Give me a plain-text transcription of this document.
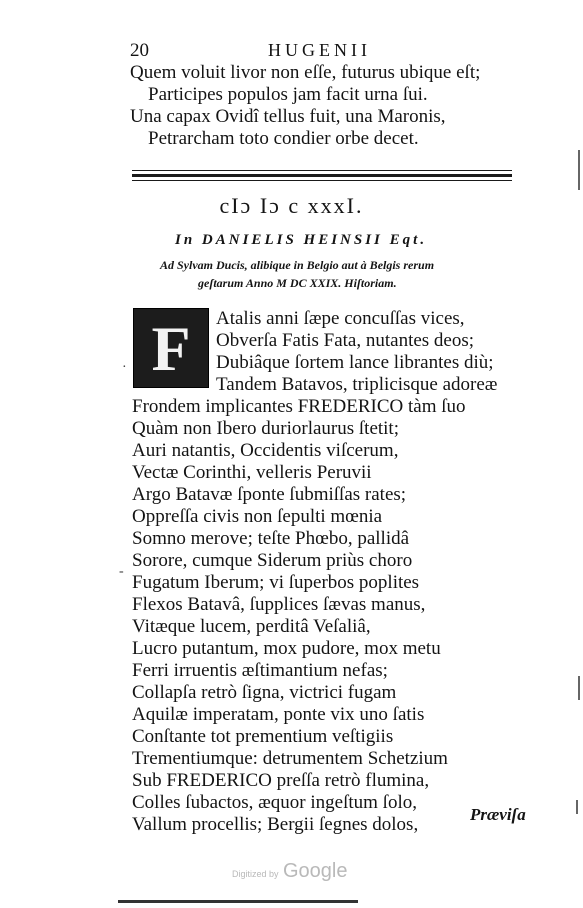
20	HUGENII
Quem voluit livor non eſſe, futurus ubique eſt;
Participes populos jam facit urna ſui.
Una capax Ovidî tellus fuit, una Maronis,
Petrarcham toto condier orbe decet.
cIɔ Iɔ c xxxI.
In DANIELIS HEINSII Eqt.
Ad Sylvam Ducis, alibique in Belgio aut à Belgis rerum
geſtarum Anno M DC XXIX. Hiſtoriam.
F	Atalis anni ſæpe concuſſas vices,
Obverſa Fatis Fata, nutantes deos;
Dubiâque ſortem lance librantes diù;
Tandem Batavos, triplicisque adoreæ
Frondem implicantes FREDERICO tàm ſuo
Quàm non Ibero duriorlaurus ſtetit;
Auri natantis, Occidentis viſcerum,
Vectæ Corinthi, velleris Peruvii
Argo Batavæ ſponte ſubmiſſas rates;
Oppreſſa civis non ſepulti mœnia
Somno merove; teſte Phœbo, pallidâ
Sorore, cumque Siderum priùs choro
Fugatum Iberum; vi ſuperbos poplites
Flexos Batavâ, ſupplices ſævas manus,
Vitæque lucem, perditâ Veſaliâ,
Lucro putantum, mox pudore, mox metu
Ferri irruentis æſtimantium nefas;
Collapſa retrò ſigna, victrici fugam
Aquilæ imperatam, ponte vix uno ſatis
Conſtante tot prementium veſtigiis
Trementiumque: detrumentem Schetzium
Sub FREDERICO preſſa retrò flumina,
Colles ſubactos, æquor ingeſtum ſolo,
Vallum procellis; Bergii ſegnes dolos,	Præviſa
-
·
Digitized by Google
